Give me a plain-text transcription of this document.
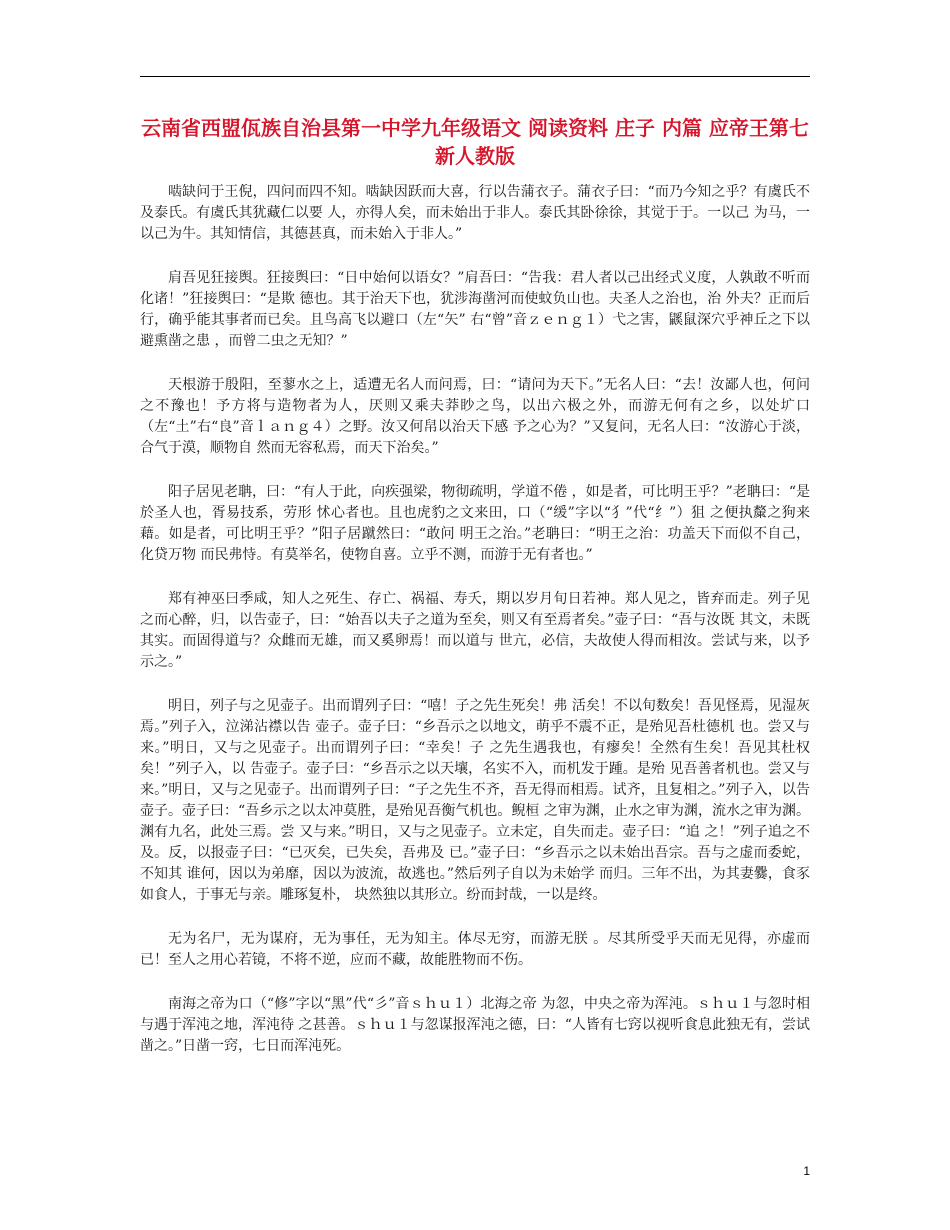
云南省西盟佤族自治县第一中学九年级语文 阅读资料 庄子 内篇 应帝王第七 新人教版

啮缺问于王倪，四问而四不知。啮缺因跃而大喜，行以告蒲衣子。蒲衣子曰：“而乃今知之乎？有虞氏不及泰氏。有虞氏其犹藏仁以要 人，亦得人矣，而未始出于非人。泰氏其卧徐徐，其觉于于。一以己 为马，一以己为牛。其知情信，其德甚真，而未始入于非人。”

肩吾见狂接舆。狂接舆曰：“日中始何以语女？”肩吾曰：“告我：君人者以己出经式义度，人孰敢不听而化诸！”狂接舆曰：“是欺 德也。其于治天下也，犹涉海凿河而使蚊负山也。夫圣人之治也，治 外夫？正而后行，确乎能其事者而已矣。且鸟高飞以避口（左“矢” 右“曾”音ｚｅｎｇ１）弋之害，鼷鼠深穴乎神丘之下以避熏凿之患 ，而曾二虫之无知？”

天根游于殷阳，至蓼水之上，适遭无名人而问焉，曰：“请问为天下。”无名人曰：“去！汝鄙人也，何问之不豫也！予方将与造物者为人，厌则又乘夫莽眇之鸟，以出六极之外，而游无何有之乡，以处圹口（左“土”右“良”音ｌａｎｇ４）之野。汝又何帠以治天下感 予之心为？”又复问，无名人曰：“汝游心于淡，合气于漠，顺物自 然而无容私焉，而天下治矣。”

阳子居见老聃，曰：“有人于此，向疾强梁，物彻疏明，学道不倦 ，如是者，可比明王乎？”老聃曰：“是於圣人也，胥易技系，劳形 怵心者也。且也虎豹之文来田，口（“缓”字以“犭”代“纟”）狙 之便执斄之狗来藉。如是者，可比明王乎？”阳子居蹴然曰：“敢问 明王之治。”老聃曰：“明王之治：功盖天下而似不自己，化贷万物 而民弗恃。有莫举名，使物自喜。立乎不测，而游于无有者也。”

郑有神巫曰季咸，知人之死生、存亡、祸福、寿夭，期以岁月旬日若神。郑人见之，皆弃而走。列子见之而心醉，归，以告壶子，曰：“始吾以夫子之道为至矣，则又有至焉者矣。”壶子曰：“吾与汝既 其文，未既其实。而固得道与？众雌而无雄，而又奚卵焉！而以道与 世亢，必信，夫故使人得而相汝。尝试与来，以予示之。”

明日，列子与之见壶子。出而谓列子曰：“嘻！子之先生死矣！弗 活矣！不以旬数矣！吾见怪焉，见湿灰焉。”列子入，泣涕沾襟以告 壶子。壶子曰：“乡吾示之以地文，萌乎不震不正，是殆见吾杜德机 也。尝又与来。”明日，又与之见壶子。出而谓列子曰：“幸矣！子 之先生遇我也，有瘳矣！全然有生矣！吾见其杜权矣！”列子入，以 告壶子。壶子曰：“乡吾示之以天壤，名实不入，而机发于踵。是殆 见吾善者机也。尝又与来。”明日，又与之见壶子。出而谓列子曰：“子之先生不齐，吾无得而相焉。试齐，且复相之。”列子入，以告 壶子。壶子曰：“吾乡示之以太冲莫胜，是殆见吾衡气机也。鲵桓 之审为渊，止水之审为渊，流水之审为渊。渊有九名，此处三焉。尝 又与来。”明日，又与之见壶子。立未定，自失而走。壶子曰：“追 之！”列子追之不及。反，以报壶子曰：“已灭矣，已失矣，吾弗及 已。”壶子曰：“乡吾示之以未始出吾宗。吾与之虚而委蛇，不知其 谁何，因以为弟靡，因以为波流，故逃也。”然后列子自以为未始学 而归。三年不出，为其妻爨，食豕如食人，于事无与亲。雕琢复朴， 块然独以其形立。纷而封哉，一以是终。

无为名尸，无为谋府，无为事任，无为知主。体尽无穷，而游无朕 。尽其所受乎天而无见得，亦虚而已！至人之用心若镜，不将不逆，应而不藏，故能胜物而不伤。

南海之帝为口（“修”字以“黑”代“彡”音ｓｈｕ１）北海之帝 为忽，中央之帝为浑沌。ｓｈｕ１与忽时相与遇于浑沌之地，浑沌待 之甚善。ｓｈｕ１与忽谋报浑沌之德，曰：“人皆有七窍以视听食息此独无有，尝试凿之。”日凿一窍，七日而浑沌死。

1
